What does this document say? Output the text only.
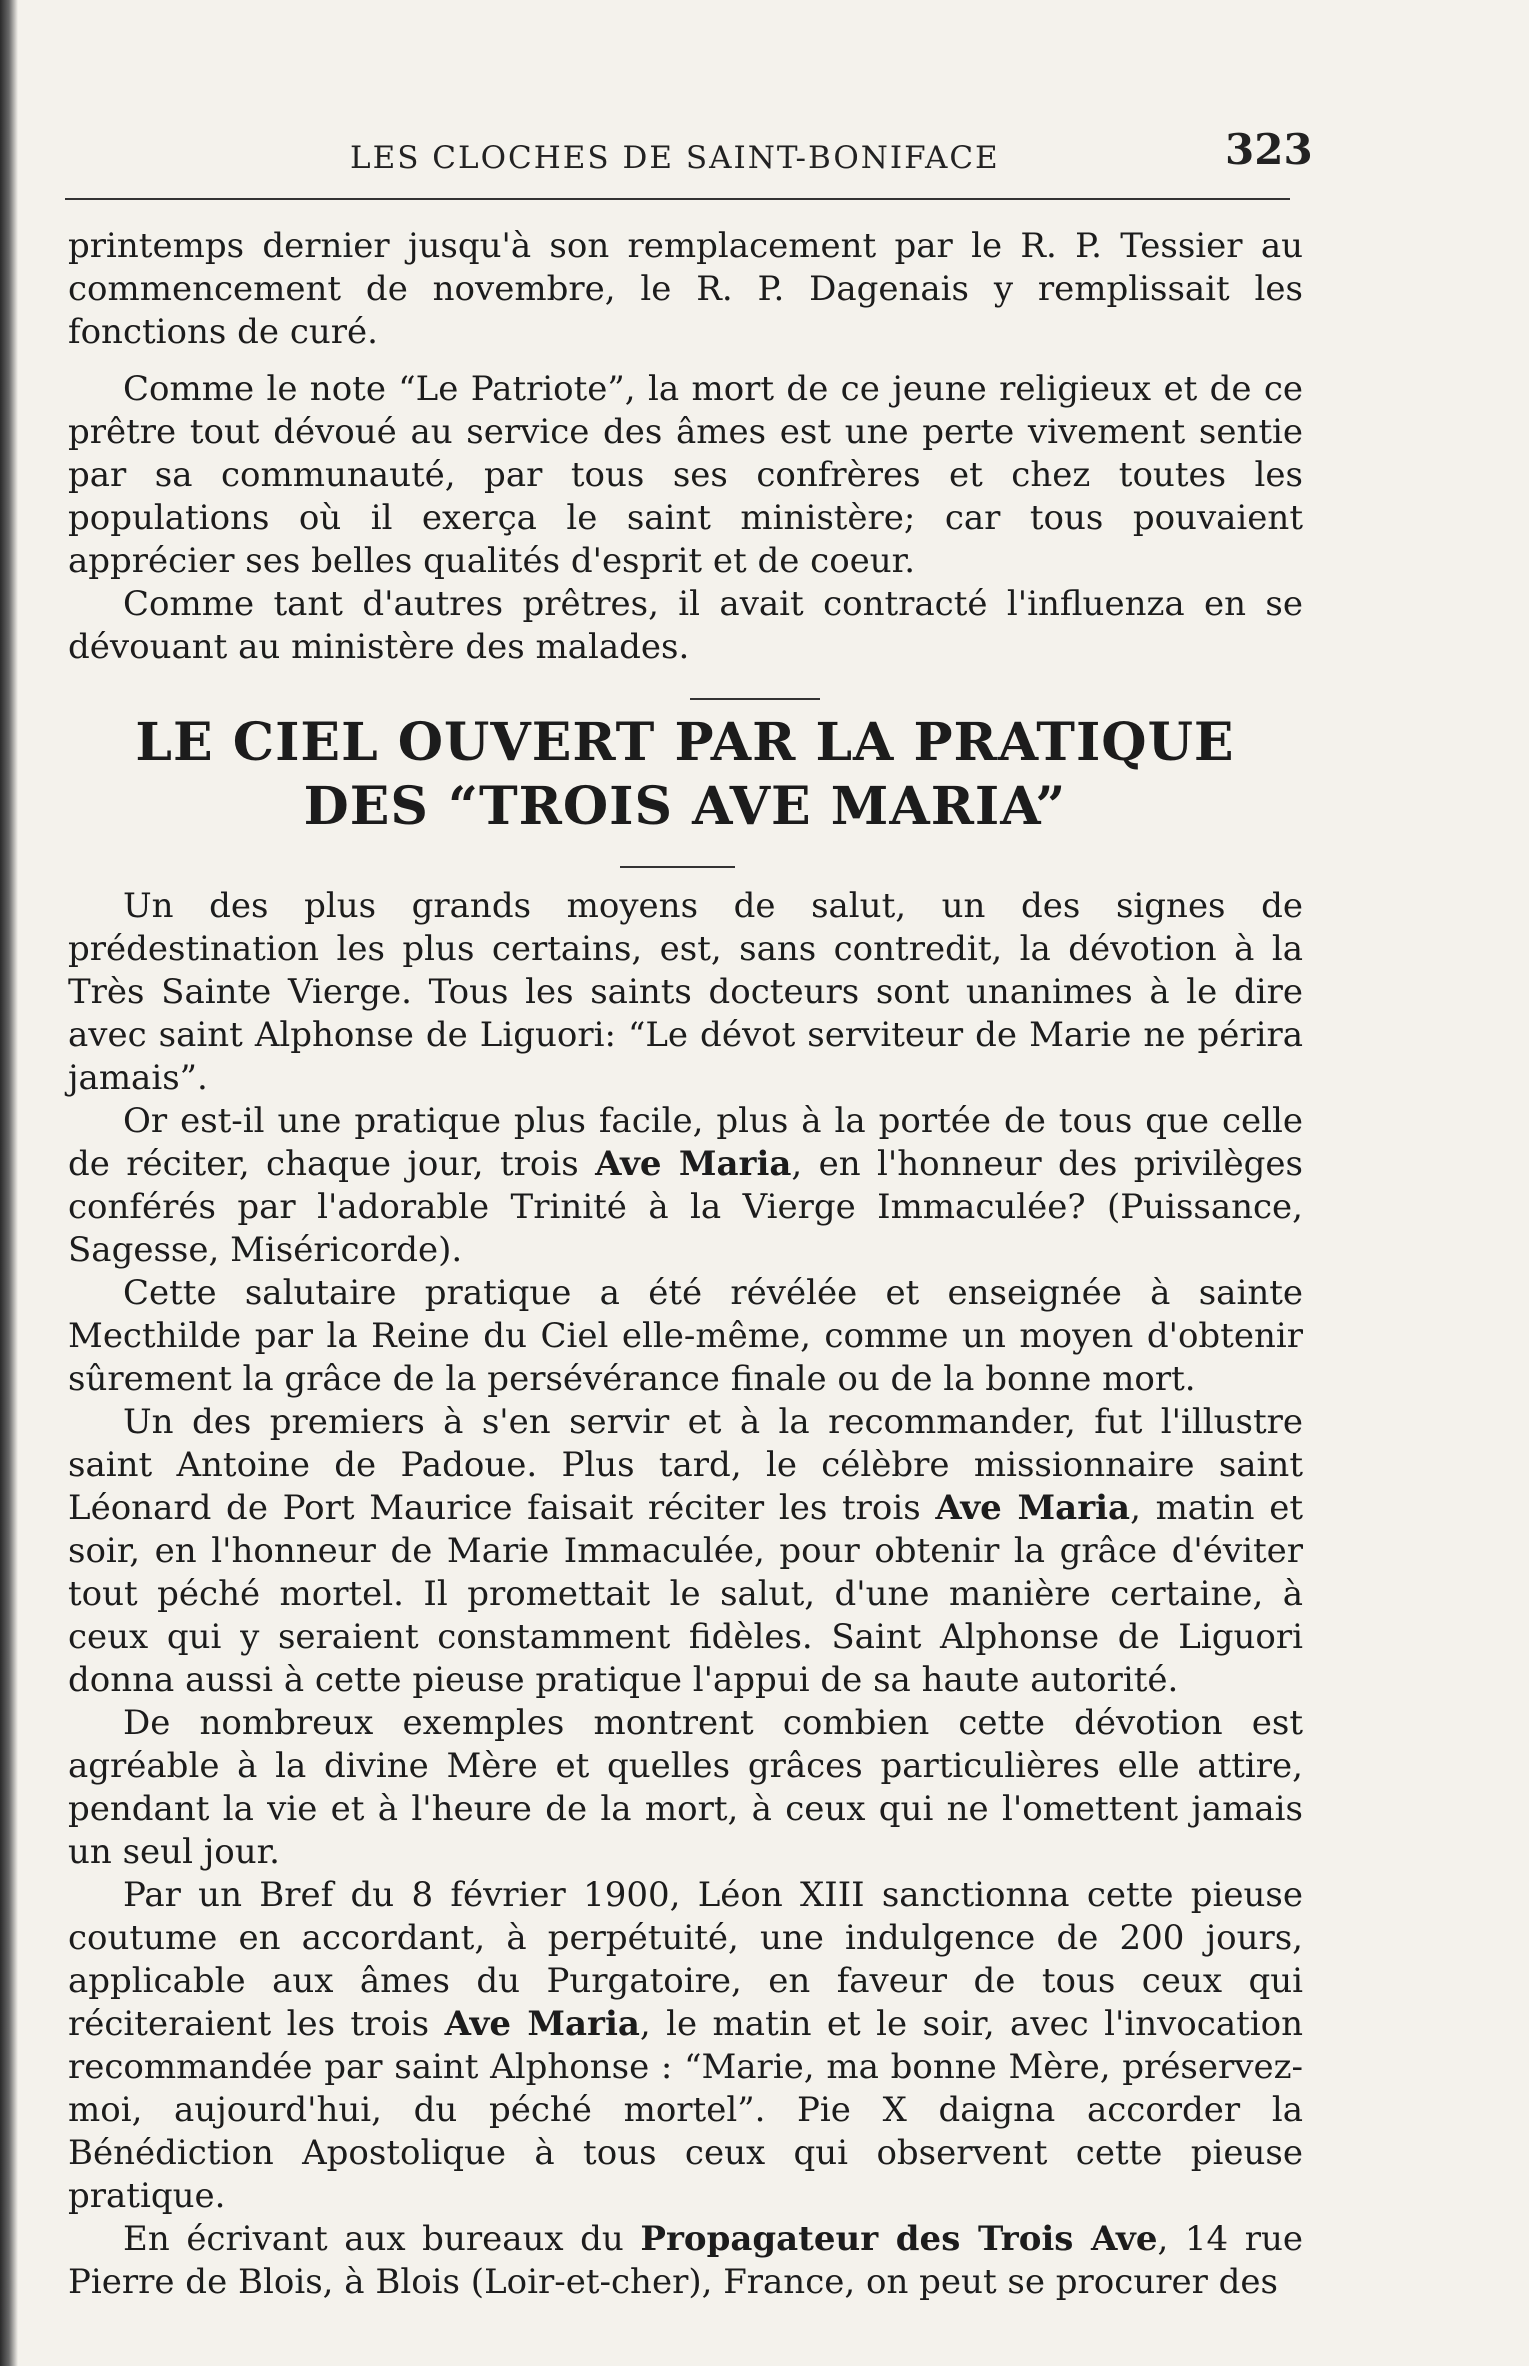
LES CLOCHES DE SAINT-BONIFACE	323

printemps dernier jusqu'à son remplacement par le R. P. Tessier au commencement de novembre, le R. P. Dagenais y remplissait les fonctions de curé.

Comme le note “Le Patriote”, la mort de ce jeune religieux et de ce prêtre tout dévoué au service des âmes est une perte vivement sentie par sa communauté, par tous ses confrères et chez toutes les populations où il exerça le saint ministère; car tous pouvaient apprécier ses belles qualités d'esprit et de coeur.

Comme tant d'autres prêtres, il avait contracté l'influenza en se dévouant au ministère des malades.

LE CIEL OUVERT PAR LA PRATIQUE
DES “TROIS AVE MARIA”

Un des plus grands moyens de salut, un des signes de prédestination les plus certains, est, sans contredit, la dévotion à la Très Sainte Vierge. Tous les saints docteurs sont unanimes à le dire avec saint Alphonse de Liguori: “Le dévot serviteur de Marie ne périra jamais”.

Or est-il une pratique plus facile, plus à la portée de tous que celle de réciter, chaque jour, trois Ave Maria, en l'honneur des privilèges conférés par l'adorable Trinité à la Vierge Immaculée? (Puissance, Sagesse, Miséricorde).

Cette salutaire pratique a été révélée et enseignée à sainte Mecthilde par la Reine du Ciel elle-même, comme un moyen d'obtenir sûrement la grâce de la persévérance finale ou de la bonne mort.

Un des premiers à s'en servir et à la recommander, fut l'illustre saint Antoine de Padoue. Plus tard, le célèbre missionnaire saint Léonard de Port Maurice faisait réciter les trois Ave Maria, matin et soir, en l'honneur de Marie Immaculée, pour obtenir la grâce d'éviter tout péché mortel. Il promettait le salut, d'une manière certaine, à ceux qui y seraient constamment fidèles. Saint Alphonse de Liguori donna aussi à cette pieuse pratique l'appui de sa haute autorité.

De nombreux exemples montrent combien cette dévotion est agréable à la divine Mère et quelles grâces particulières elle attire, pendant la vie et à l'heure de la mort, à ceux qui ne l'omettent jamais un seul jour.

Par un Bref du 8 février 1900, Léon XIII sanctionna cette pieuse coutume en accordant, à perpétuité, une indulgence de 200 jours, applicable aux âmes du Purgatoire, en faveur de tous ceux qui réciteraient les trois Ave Maria, le matin et le soir, avec l'invocation recommandée par saint Alphonse : “Marie, ma bonne Mère, préservez-moi, aujourd'hui, du péché mortel”. Pie X daigna accorder la Bénédiction Apostolique à tous ceux qui observent cette pieuse pratique.

En écrivant aux bureaux du Propagateur des Trois Ave, 14 rue Pierre de Blois, à Blois (Loir-et-cher), France, on peut se procurer des
